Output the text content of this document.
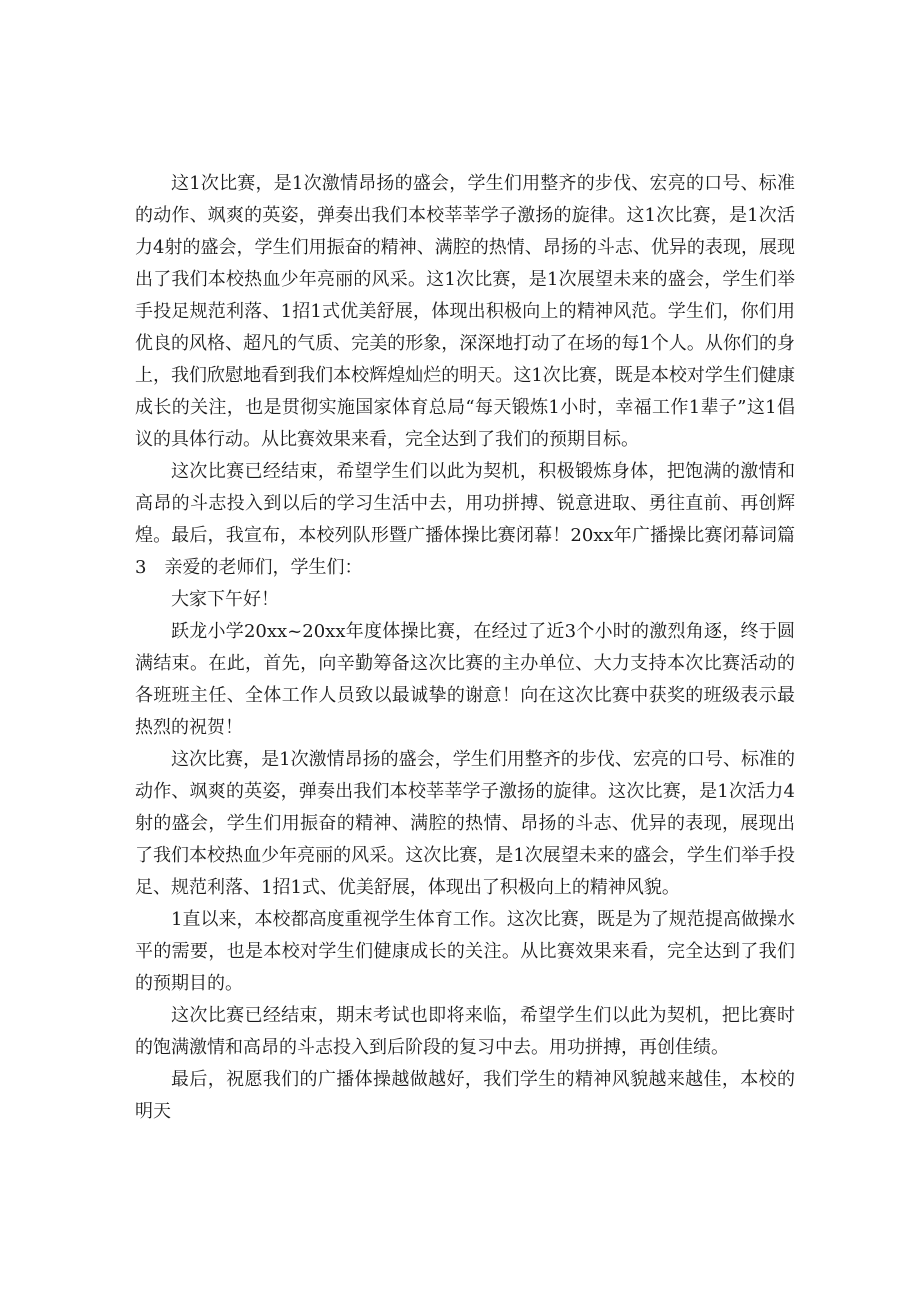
这1次比赛，是1次激情昂扬的盛会，学生们用整齐的步伐、宏亮的口号、标准的动作、飒爽的英姿，弹奏出我们本校莘莘学子激扬的旋律。这1次比赛，是1次活力4射的盛会，学生们用振奋的精神、满腔的热情、昂扬的斗志、优异的表现，展现出了我们本校热血少年亮丽的风采。这1次比赛，是1次展望未来的盛会，学生们举手投足规范利落、1招1式优美舒展，体现出积极向上的精神风范。学生们，你们用优良的风格、超凡的气质、完美的形象，深深地打动了在场的每1个人。从你们的身上，我们欣慰地看到我们本校辉煌灿烂的明天。这1次比赛，既是本校对学生们健康成长的关注，也是贯彻实施国家体育总局“每天锻炼1小时，幸福工作1辈子”这1倡议的具体行动。从比赛效果来看，完全达到了我们的预期目标。

这次比赛已经结束，希望学生们以此为契机，积极锻炼身体，把饱满的激情和高昂的斗志投入到以后的学习生活中去，用功拼搏、锐意进取、勇往直前、再创辉煌。最后，我宣布，本校列队形暨广播体操比赛闭幕！20xx年广播操比赛闭幕词篇3　亲爱的老师们，学生们：

大家下午好！

跃龙小学20xx~20xx年度体操比赛，在经过了近3个小时的激烈角逐，终于圆满结束。在此，首先，向辛勤筹备这次比赛的主办单位、大力支持本次比赛活动的各班班主任、全体工作人员致以最诚挚的谢意！向在这次比赛中获奖的班级表示最热烈的祝贺！

这次比赛，是1次激情昂扬的盛会，学生们用整齐的步伐、宏亮的口号、标准的动作、飒爽的英姿，弹奏出我们本校莘莘学子激扬的旋律。这次比赛，是1次活力4射的盛会，学生们用振奋的精神、满腔的热情、昂扬的斗志、优异的表现，展现出了我们本校热血少年亮丽的风采。这次比赛，是1次展望未来的盛会，学生们举手投足、规范利落、1招1式、优美舒展，体现出了积极向上的精神风貌。

1直以来，本校都高度重视学生体育工作。这次比赛，既是为了规范提高做操水平的需要，也是本校对学生们健康成长的关注。从比赛效果来看，完全达到了我们的预期目的。

这次比赛已经结束，期末考试也即将来临，希望学生们以此为契机，把比赛时的饱满激情和高昂的斗志投入到后阶段的复习中去。用功拼搏，再创佳绩。

最后，祝愿我们的广播体操越做越好，我们学生的精神风貌越来越佳，本校的明天
